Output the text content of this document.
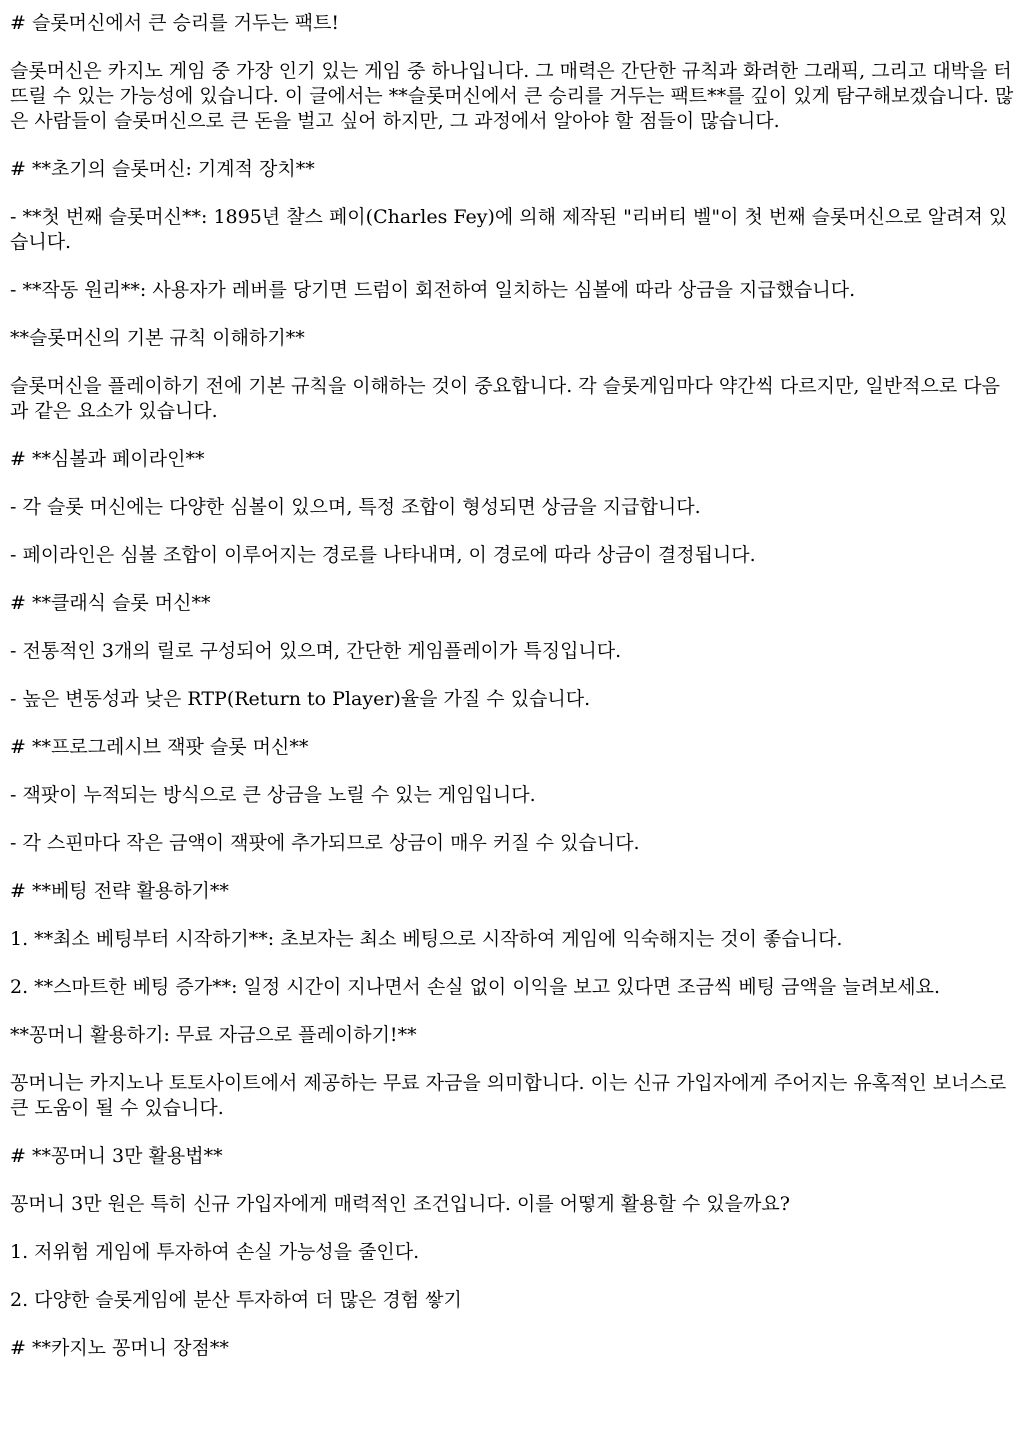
# 슬롯머신에서 큰 승리를 거두는 팩트!

슬롯머신은 카지노 게임 중 가장 인기 있는 게임 중 하나입니다. 그 매력은 간단한 규칙과 화려한 그래픽, 그리고 대박을 터뜨릴 수 있는 가능성에 있습니다. 이 글에서는 **슬롯머신에서 큰 승리를 거두는 팩트**를 깊이 있게 탐구해보겠습니다. 많은 사람들이 슬롯머신으로 큰 돈을 벌고 싶어 하지만, 그 과정에서 알아야 할 점들이 많습니다.

# **초기의 슬롯머신: 기계적 장치**

- **첫 번째 슬롯머신**: 1895년 찰스 페이(Charles Fey)에 의해 제작된 "리버티 벨"이 첫 번째 슬롯머신으로 알려져 있습니다.

- **작동 원리**: 사용자가 레버를 당기면 드럼이 회전하여 일치하는 심볼에 따라 상금을 지급했습니다.

**슬롯머신의 기본 규칙 이해하기**

슬롯머신을 플레이하기 전에 기본 규칙을 이해하는 것이 중요합니다. 각 슬롯게임마다 약간씩 다르지만, 일반적으로 다음과 같은 요소가 있습니다.

# **심볼과 페이라인**

- 각 슬롯 머신에는 다양한 심볼이 있으며, 특정 조합이 형성되면 상금을 지급합니다.

- 페이라인은 심볼 조합이 이루어지는 경로를 나타내며, 이 경로에 따라 상금이 결정됩니다.

# **클래식 슬롯 머신**

- 전통적인 3개의 릴로 구성되어 있으며, 간단한 게임플레이가 특징입니다.

- 높은 변동성과 낮은 RTP(Return to Player)율을 가질 수 있습니다.

# **프로그레시브 잭팟 슬롯 머신**

- 잭팟이 누적되는 방식으로 큰 상금을 노릴 수 있는 게임입니다.

- 각 스핀마다 작은 금액이 잭팟에 추가되므로 상금이 매우 커질 수 있습니다.

# **베팅 전략 활용하기**

1. **최소 베팅부터 시작하기**: 초보자는 최소 베팅으로 시작하여 게임에 익숙해지는 것이 좋습니다.

2. **스마트한 베팅 증가**: 일정 시간이 지나면서 손실 없이 이익을 보고 있다면 조금씩 베팅 금액을 늘려보세요.

**꽁머니 활용하기: 무료 자금으로 플레이하기!**

꽁머니는 카지노나 토토사이트에서 제공하는 무료 자금을 의미합니다. 이는 신규 가입자에게 주어지는 유혹적인 보너스로 큰 도움이 될 수 있습니다.

# **꽁머니 3만 활용법**

꽁머니 3만 원은 특히 신규 가입자에게 매력적인 조건입니다. 이를 어떻게 활용할 수 있을까요?

1. 저위험 게임에 투자하여 손실 가능성을 줄인다.

2. 다양한 슬롯게임에 분산 투자하여 더 많은 경험 쌓기

# **카지노 꽁머니 장점**
